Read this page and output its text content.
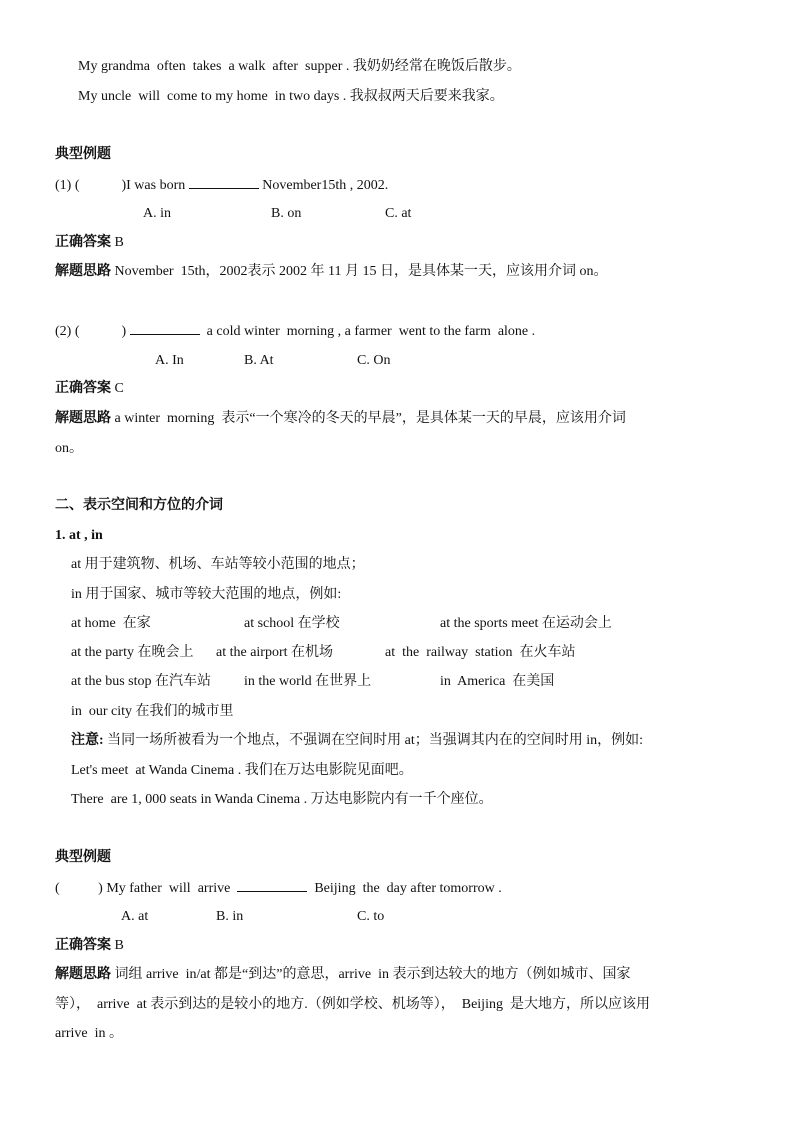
My grandma  often  takes  a walk  after  supper . 我奶奶经常在晚饭后散步。
My uncle  will  come to my home  in two days . 我叔叔两天后要来我家。
典型例题
(1) (            )I was born	November15th , 2002.
A. in	B. on	C. at
正确答案 B
解题思路 November  15th，2002表示 2002 年 11 月 15 日，是具体某一天，应该用介词 on。
(2) (            )	a cold winter  morning , a farmer  went to the farm  alone .
A. In	B. At	C. On
正确答案 C
解题思路 a winter  morning  表示“一个寒冷的冬天的早晨”，是具体某一天的早晨，应该用介词
on。
二、表示空间和方位的介词
1. at , in
at 用于建筑物、机场、车站等较小范围的地点；
in 用于国家、城市等较大范围的地点，例如:
at home  在家	at school 在学校	at the sports meet 在运动会上
at the party 在晚会上 at the airport 在机场	at  the  railway  station  在火车站
at the bus stop 在汽车站 in the world 在世界上	in  America  在美国
in  our city 在我们的城市里
注意: 当同一场所被看为一个地点，不强调在空间时用 at；当强调其内在的空间时用 in，例如:
Let's meet  at Wanda Cinema . 我们在万达电影院见面吧。
There  are 1, 000 seats in Wanda Cinema . 万达电影院内有一千个座位。
典型例题
(           ) My father  will  arrive	Beijing  the  day after tomorrow .
A. at	B. in	C. to
正确答案 B
解题思路 词组 arrive  in/at 都是“到达”的意思，arrive  in 表示到达较大的地方（例如城市、国家
等），  arrive  at 表示到达的是较小的地方.（例如学校、机场等），  Beijing  是大地方，所以应该用
arrive  in 。
